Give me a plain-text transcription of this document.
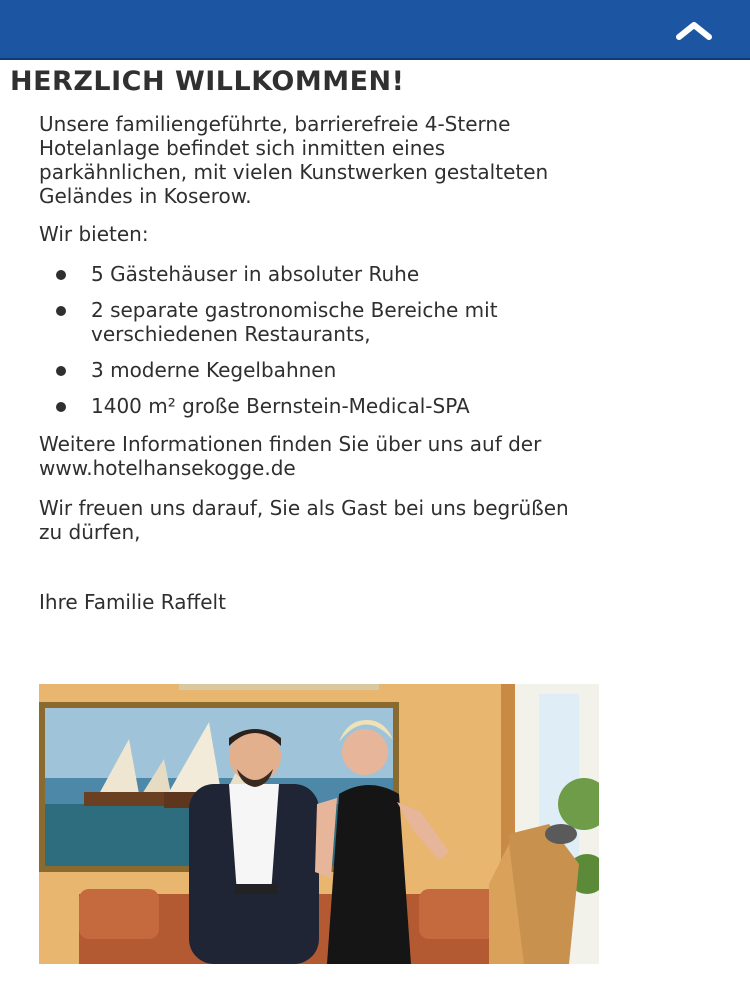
HERZLICH WILLKOMMEN!

Unsere familiengeführte, barrierefreie 4-Sterne
Hotelanlage befindet sich inmitten eines
parkähnlichen, mit vielen Kunstwerken gestalteten
Geländes in Koserow.

Wir bieten:

5 Gästehäuser in absoluter Ruhe
2 separate gastronomische Bereiche mit
verschiedenen Restaurants,
3 moderne Kegelbahnen
1400 m² große Bernstein-Medical-SPA

Weitere Informationen finden Sie über uns auf der
www.hotelhansekogge.de

Wir freuen uns darauf, Sie als Gast bei uns begrüßen
zu dürfen,

Ihre Familie Raffelt
